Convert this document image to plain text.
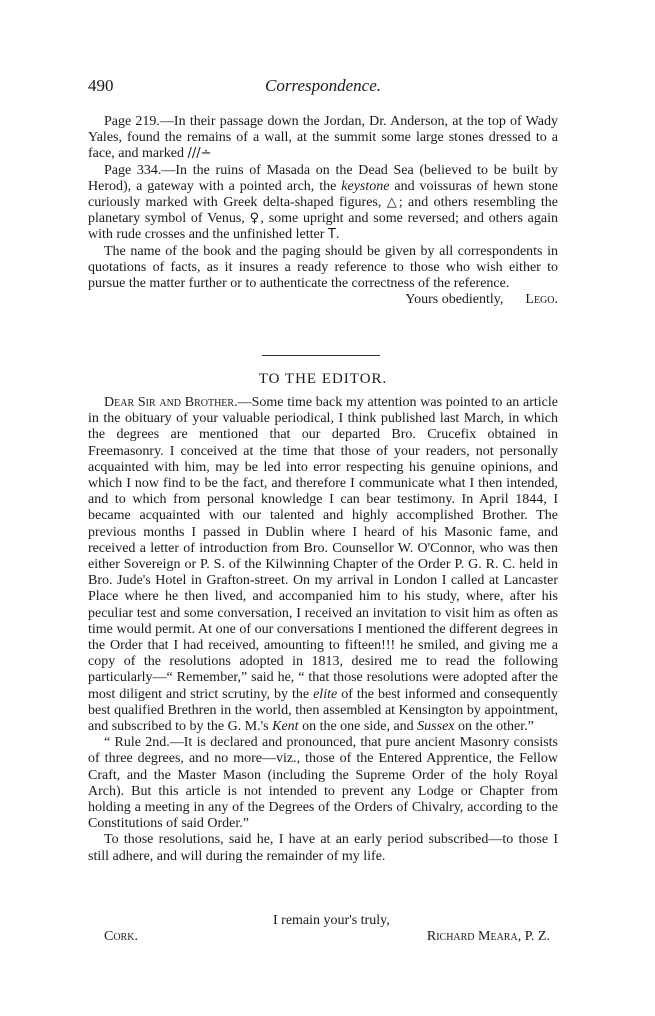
490	Correspondence.

Page 219.—In their passage down the Jordan, Dr. Anderson, at the top of Wady Yales, found the remains of a wall, at the summit some large stones dressed to a face, and marked ///∸

Page 334.—In the ruins of Masada on the Dead Sea (believed to be built by Herod), a gateway with a pointed arch, the keystone and voissuras of hewn stone curiously marked with Greek delta-shaped figures, △; and others resembling the planetary symbol of Venus, ♀, some upright and some reversed; and others again with rude crosses and the unfinished letter T.

The name of the book and the paging should be given by all correspondents in quotations of facts, as it insures a ready reference to those who wish either to pursue the matter further or to authenticate the correctness of the reference.

Yours obediently, Lego.
TO THE EDITOR.

Dear Sir and Brother.—Some time back my attention was pointed to an article in the obituary of your valuable periodical, I think published last March, in which the degrees are mentioned that our departed Bro. Crucefix obtained in Freemasonry. I conceived at the time that those of your readers, not personally acquainted with him, may be led into error respecting his genuine opinions, and which I now find to be the fact, and therefore I communicate what I then intended, and to which from personal knowledge I can bear testimony. In April 1844, I became acquainted with our talented and highly accomplished Brother. The previous months I passed in Dublin where I heard of his Masonic fame, and received a letter of introduction from Bro. Counsellor W. O'Connor, who was then either Sovereign or P. S. of the Kilwinning Chapter of the Order P. G. R. C. held in Bro. Jude's Hotel in Grafton-street. On my arrival in London I called at Lancaster Place where he then lived, and accompanied him to his study, where, after his peculiar test and some conversation, I received an invitation to visit him as often as time would permit. At one of our conversations I mentioned the different degrees in the Order that I had received, amounting to fifteen!!! he smiled, and giving me a copy of the resolutions adopted in 1813, desired me to read the following particularly—“ Remember,” said he, “ that those resolutions were adopted after the most diligent and strict scrutiny, by the elite of the best informed and consequently best qualified Brethren in the world, then assembled at Kensington by appointment, and subscribed to by the G. M.'s Kent on the one side, and Sussex on the other.”

“ Rule 2nd.—It is declared and pronounced, that pure ancient Masonry consists of three degrees, and no more—viz., those of the Entered Apprentice, the Fellow Craft, and the Master Mason (including the Supreme Order of the holy Royal Arch). But this article is not intended to prevent any Lodge or Chapter from holding a meeting in any of the Degrees of the Orders of Chivalry, according to the Constitutions of said Order.”

To those resolutions, said he, I have at an early period subscribed—to those I still adhere, and will during the remainder of my life.

I remain your's truly,
Cork.	Richard Meara, P. Z.
